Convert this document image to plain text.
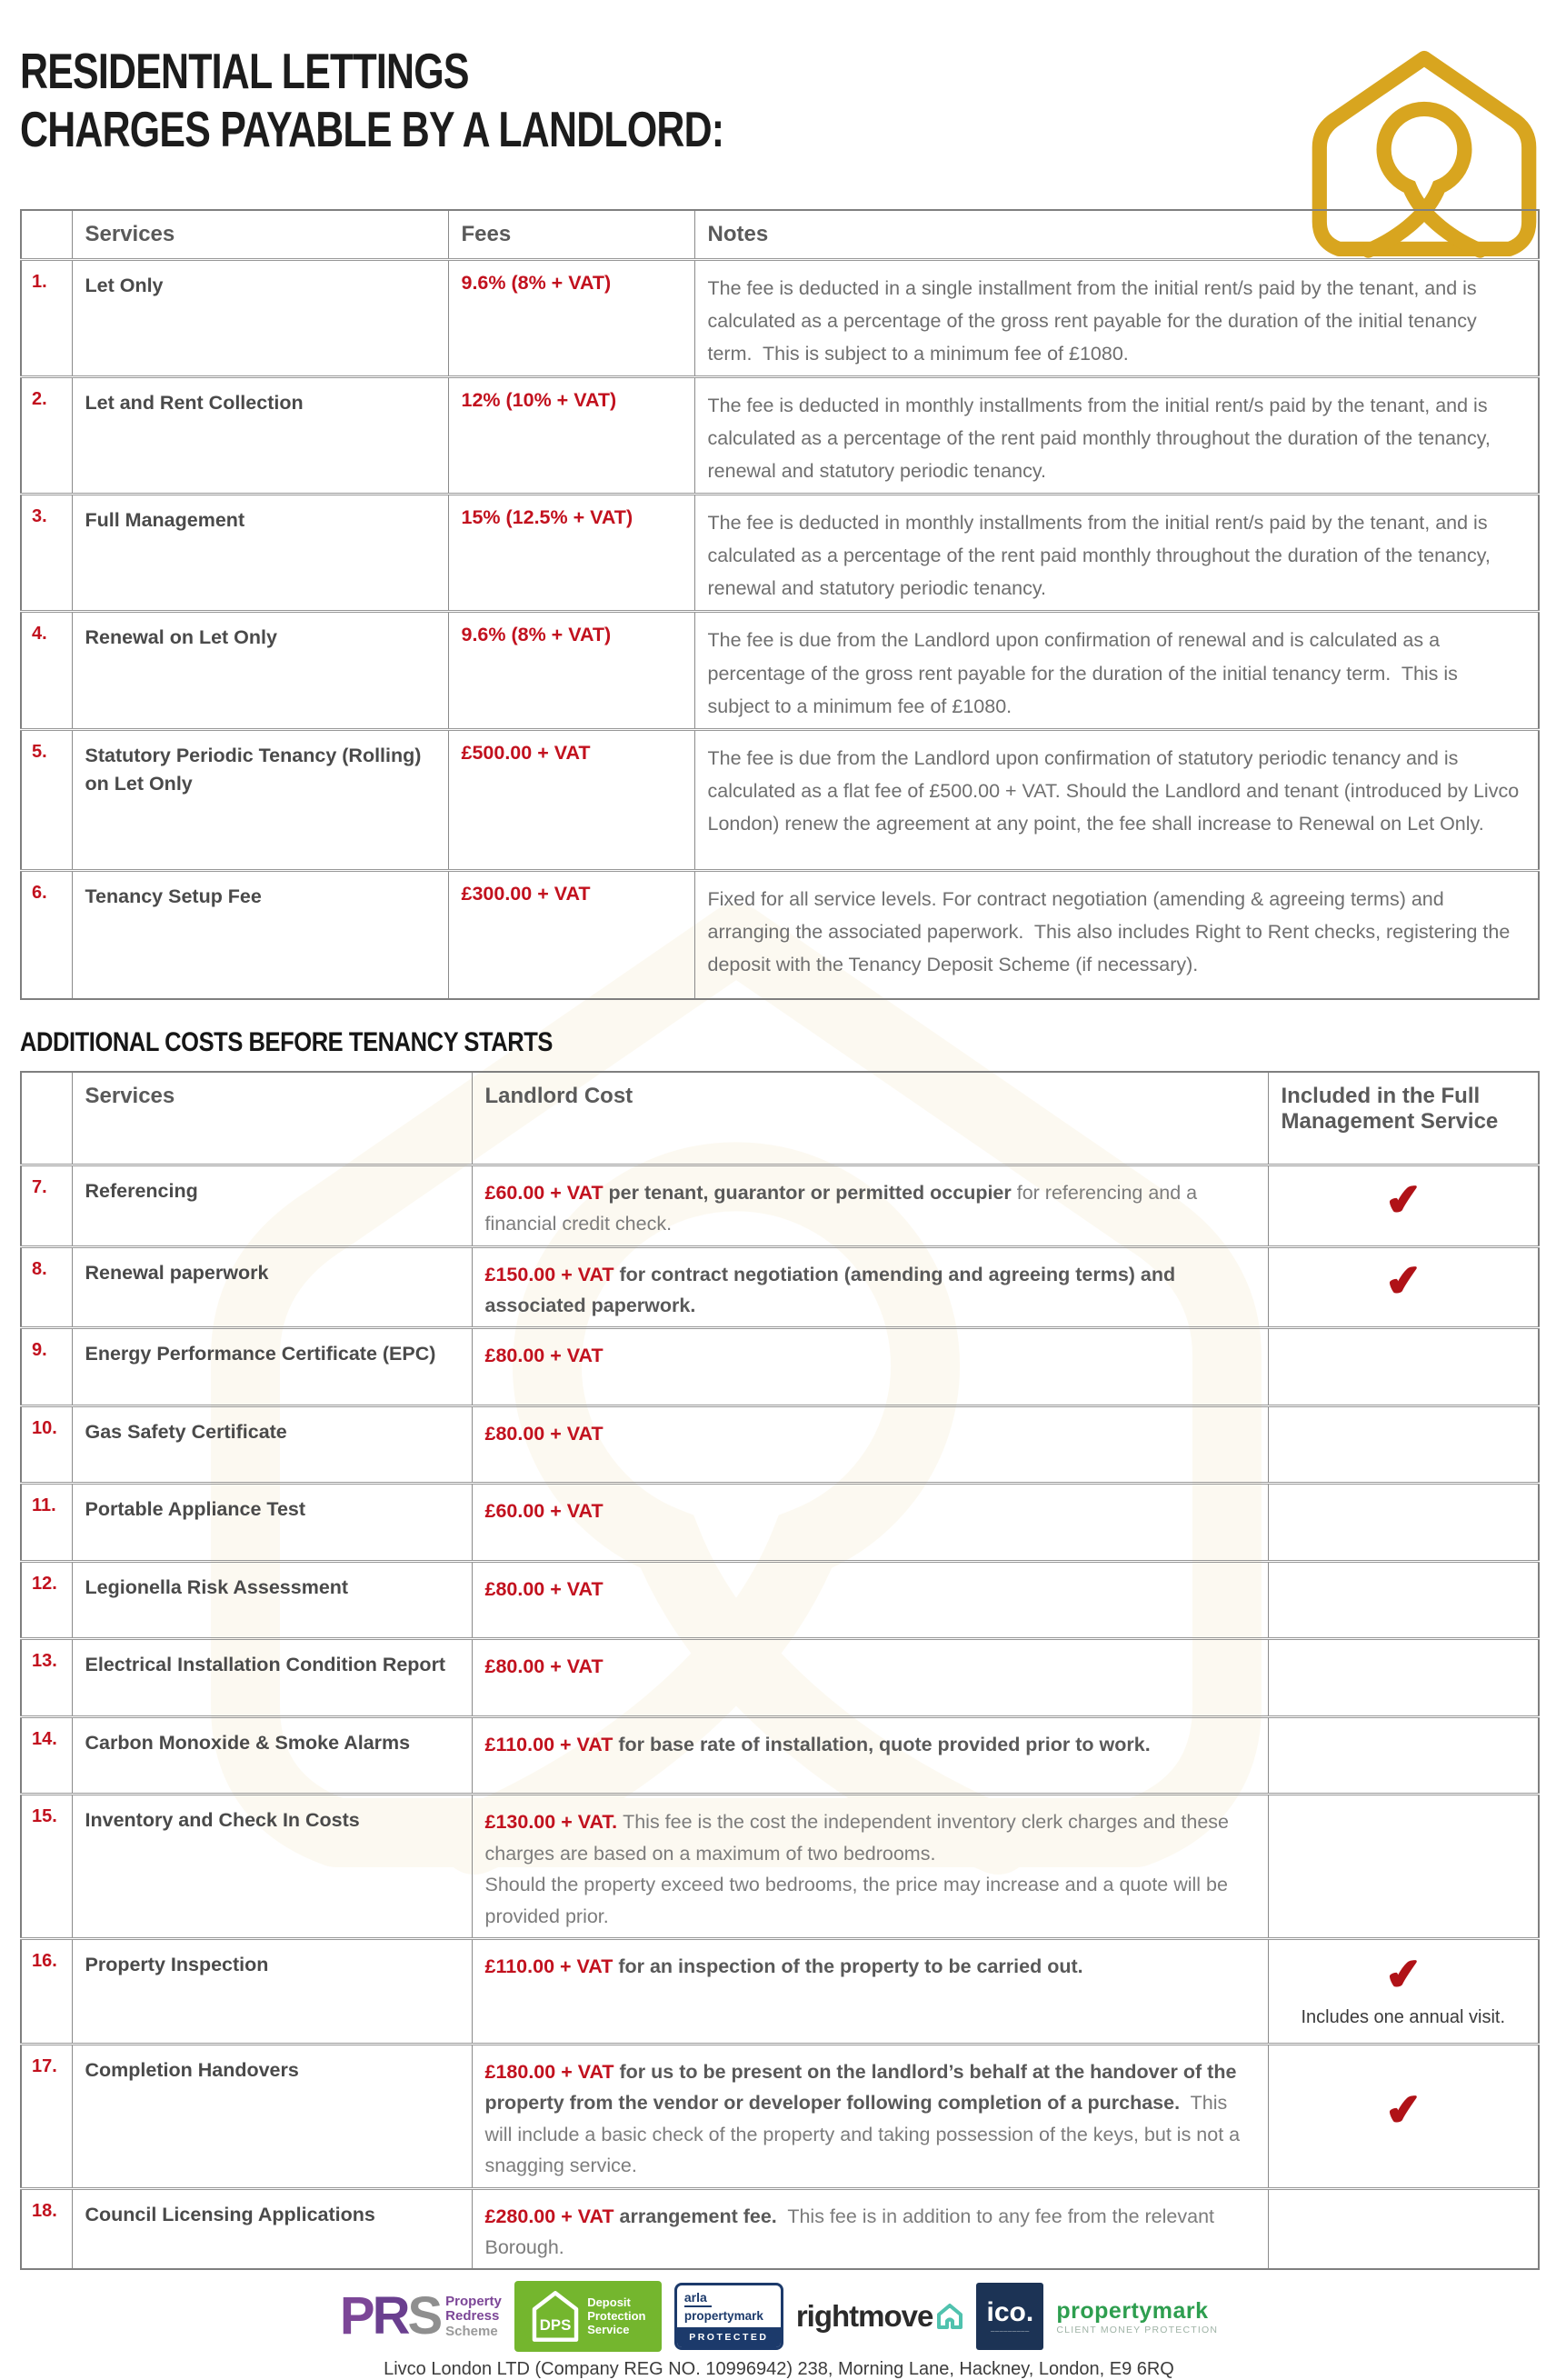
RESIDENTIAL LETTINGS
CHARGES PAYABLE BY A LANDLORD:
	Services	Fees	Notes
1.	Let Only	9.6% (8% + VAT)	The fee is deducted in a single installment from the initial rent/s paid by the tenant, and is calculated as a percentage of the gross rent payable for the duration of the initial tenancy term.  This is subject to a minimum fee of £1080.
2.	Let and Rent Collection	12% (10% + VAT)	The fee is deducted in monthly installments from the initial rent/s paid by the tenant, and is calculated as a percentage of the rent paid monthly throughout the duration of the tenancy, renewal and statutory periodic tenancy.
3.	Full Management	15% (12.5% + VAT)	The fee is deducted in monthly installments from the initial rent/s paid by the tenant, and is calculated as a percentage of the rent paid monthly throughout the duration of the tenancy, renewal and statutory periodic tenancy.
4.	Renewal on Let Only	9.6% (8% + VAT)	The fee is due from the Landlord upon confirmation of renewal and is calculated as a percentage of the gross rent payable for the duration of the initial tenancy term.  This is subject to a minimum fee of £1080.
5.	Statutory Periodic Tenancy (Rolling) on Let Only	£500.00 + VAT	The fee is due from the Landlord upon confirmation of statutory periodic tenancy and is calculated as a flat fee of £500.00 + VAT. Should the Landlord and tenant (introduced by Livco London) renew the agreement at any point, the fee shall increase to Renewal on Let Only.
6.	Tenancy Setup Fee	£300.00 + VAT	Fixed for all service levels. For contract negotiation (amending & agreeing terms) and arranging the associated paperwork.  This also includes Right to Rent checks, registering the deposit with the Tenancy Deposit Scheme (if necessary).
ADDITIONAL COSTS BEFORE TENANCY STARTS
	Services	Landlord Cost	Included in the Full Management Service
7.	Referencing	£60.00 + VAT per tenant, guarantor or permitted occupier for referencing and a financial credit check.	✔

8.	Renewal paperwork	£150.00 + VAT for contract negotiation (amending and agreeing terms) and associated paperwork.	✔

9.	Energy Performance Certificate (EPC)	£80.00 + VAT

10.	Gas Safety Certificate	£80.00 + VAT

11.	Portable Appliance Test	£60.00 + VAT

12.	Legionella Risk Assessment	£80.00 + VAT

13.	Electrical Installation Condition Report	£80.00 + VAT

14.	Carbon Monoxide & Smoke Alarms	£110.00 + VAT for base rate of installation, quote provided prior to work.

15.	Inventory and Check In Costs	£130.00 + VAT. This fee is the cost the independent inventory clerk charges and these charges are based on a maximum of two bedrooms.
Should the property exceed two bedrooms, the price may increase and a quote will be provided prior.	

16.	Property Inspection	£110.00 + VAT for an inspection of the property to be carried out.	✔
Includes one annual visit.

17.	Completion Handovers	£180.00 + VAT for us to be present on the landlord’s behalf at the handover of the property from the vendor or developer following completion of a purchase.  This will include a basic check of the property and taking possession of the keys, but is not a snagging service.	✔

18.	Council Licensing Applications	£280.00 + VAT arrangement fee.  This fee is in addition to any fee from the relevant Borough.

PRS Property
Redress
Scheme DPS
Deposit
Protection
Service
arla
propertymark
PROTECTED
rightmove ico.
─────────
propertymark
CLIENT MONEY PROTECTION
Livco London LTD (Company REG NO. 10996942) 238, Morning Lane, Hackney, London, E9 6RQ
